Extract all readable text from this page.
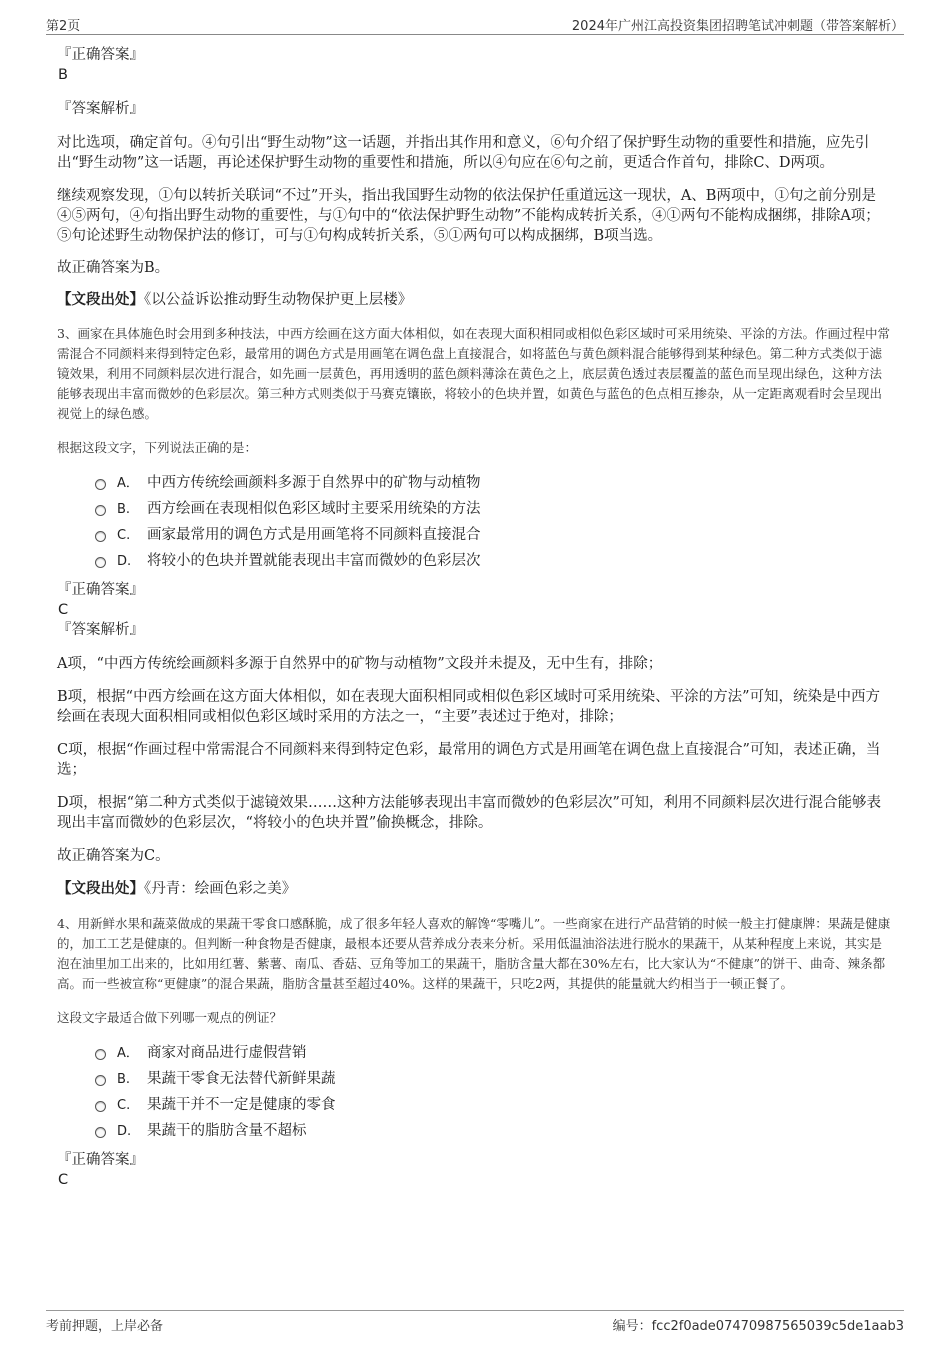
第2页	2024年广州江高投资集团招聘笔试冲刺题（带答案解析）

『正确答案』

B

『答案解析』

对比选项，确定首句。④句引出“野生动物”这一话题，并指出其作用和意义，⑥句介绍了保护野生动物的重要性和措施，应先引出“野生动物”这一话题，再论述保护野生动物的重要性和措施，所以④句应在⑥句之前，更适合作首句，排除C、D两项。

继续观察发现，①句以转折关联词“不过”开头，指出我国野生动物的依法保护任重道远这一现状，A、B两项中，①句之前分别是④⑤两句，④句指出野生动物的重要性，与①句中的“依法保护野生动物”不能构成转折关系，④①两句不能构成捆绑，排除A项；⑤句论述野生动物保护法的修订，可与①句构成转折关系，⑤①两句可以构成捆绑，B项当选。

故正确答案为B。

【文段出处】《以公益诉讼推动野生动物保护更上层楼》

3、画家在具体施色时会用到多种技法，中西方绘画在这方面大体相似，如在表现大面积相同或相似色彩区域时可采用统染、平涂的方法。作画过程中常需混合不同颜料来得到特定色彩，最常用的调色方式是用画笔在调色盘上直接混合，如将蓝色与黄色颜料混合能够得到某种绿色。第二种方式类似于滤镜效果，利用不同颜料层次进行混合，如先画一层黄色，再用透明的蓝色颜料薄涂在黄色之上，底层黄色透过表层覆盖的蓝色而呈现出绿色，这种方法能够表现出丰富而微妙的色彩层次。第三种方式则类似于马赛克镶嵌，将较小的色块并置，如黄色与蓝色的色点相互掺杂，从一定距离观看时会呈现出视觉上的绿色感。

根据这段文字，下列说法正确的是：

A． 中西方传统绘画颜料多源于自然界中的矿物与动植物
B. 西方绘画在表现相似色彩区域时主要采用统染的方法
C. 画家最常用的调色方式是用画笔将不同颜料直接混合
D. 将较小的色块并置就能表现出丰富而微妙的色彩层次

『正确答案』

C

『答案解析』

A项，“中西方传统绘画颜料多源于自然界中的矿物与动植物”文段并未提及，无中生有，排除；

B项，根据“中西方绘画在这方面大体相似，如在表现大面积相同或相似色彩区域时可采用统染、平涂的方法”可知，统染是中西方绘画在表现大面积相同或相似色彩区域时采用的方法之一，“主要”表述过于绝对，排除；

C项，根据“作画过程中常需混合不同颜料来得到特定色彩，最常用的调色方式是用画笔在调色盘上直接混合”可知，表述正确，当选；

D项，根据“第二种方式类似于滤镜效果……这种方法能够表现出丰富而微妙的色彩层次”可知，利用不同颜料层次进行混合能够表现出丰富而微妙的色彩层次，“将较小的色块并置”偷换概念，排除。

故正确答案为C。

【文段出处】《丹青：绘画色彩之美》

4、用新鲜水果和蔬菜做成的果蔬干零食口感酥脆，成了很多年轻人喜欢的解馋“零嘴儿”。一些商家在进行产品营销的时候一般主打健康牌：果蔬是健康的，加工工艺是健康的。但判断一种食物是否健康，最根本还要从营养成分表来分析。采用低温油浴法进行脱水的果蔬干，从某种程度上来说，其实是泡在油里加工出来的，比如用红薯、紫薯、南瓜、香菇、豆角等加工的果蔬干，脂肪含量大都在30%左右，比大家认为“不健康”的饼干、曲奇、辣条都高。而一些被宣称“更健康”的混合果蔬，脂肪含量甚至超过40%。这样的果蔬干，只吃2两，其提供的能量就大约相当于一顿正餐了。

这段文字最适合做下列哪一观点的例证？

A． 商家对商品进行虚假营销
B. 果蔬干零食无法替代新鲜果蔬
C. 果蔬干并不一定是健康的零食
D. 果蔬干的脂肪含量不超标

『正确答案』

C

考前押题，上岸必备	编号：fcc2f0ade07470987565039c5de1aab3
